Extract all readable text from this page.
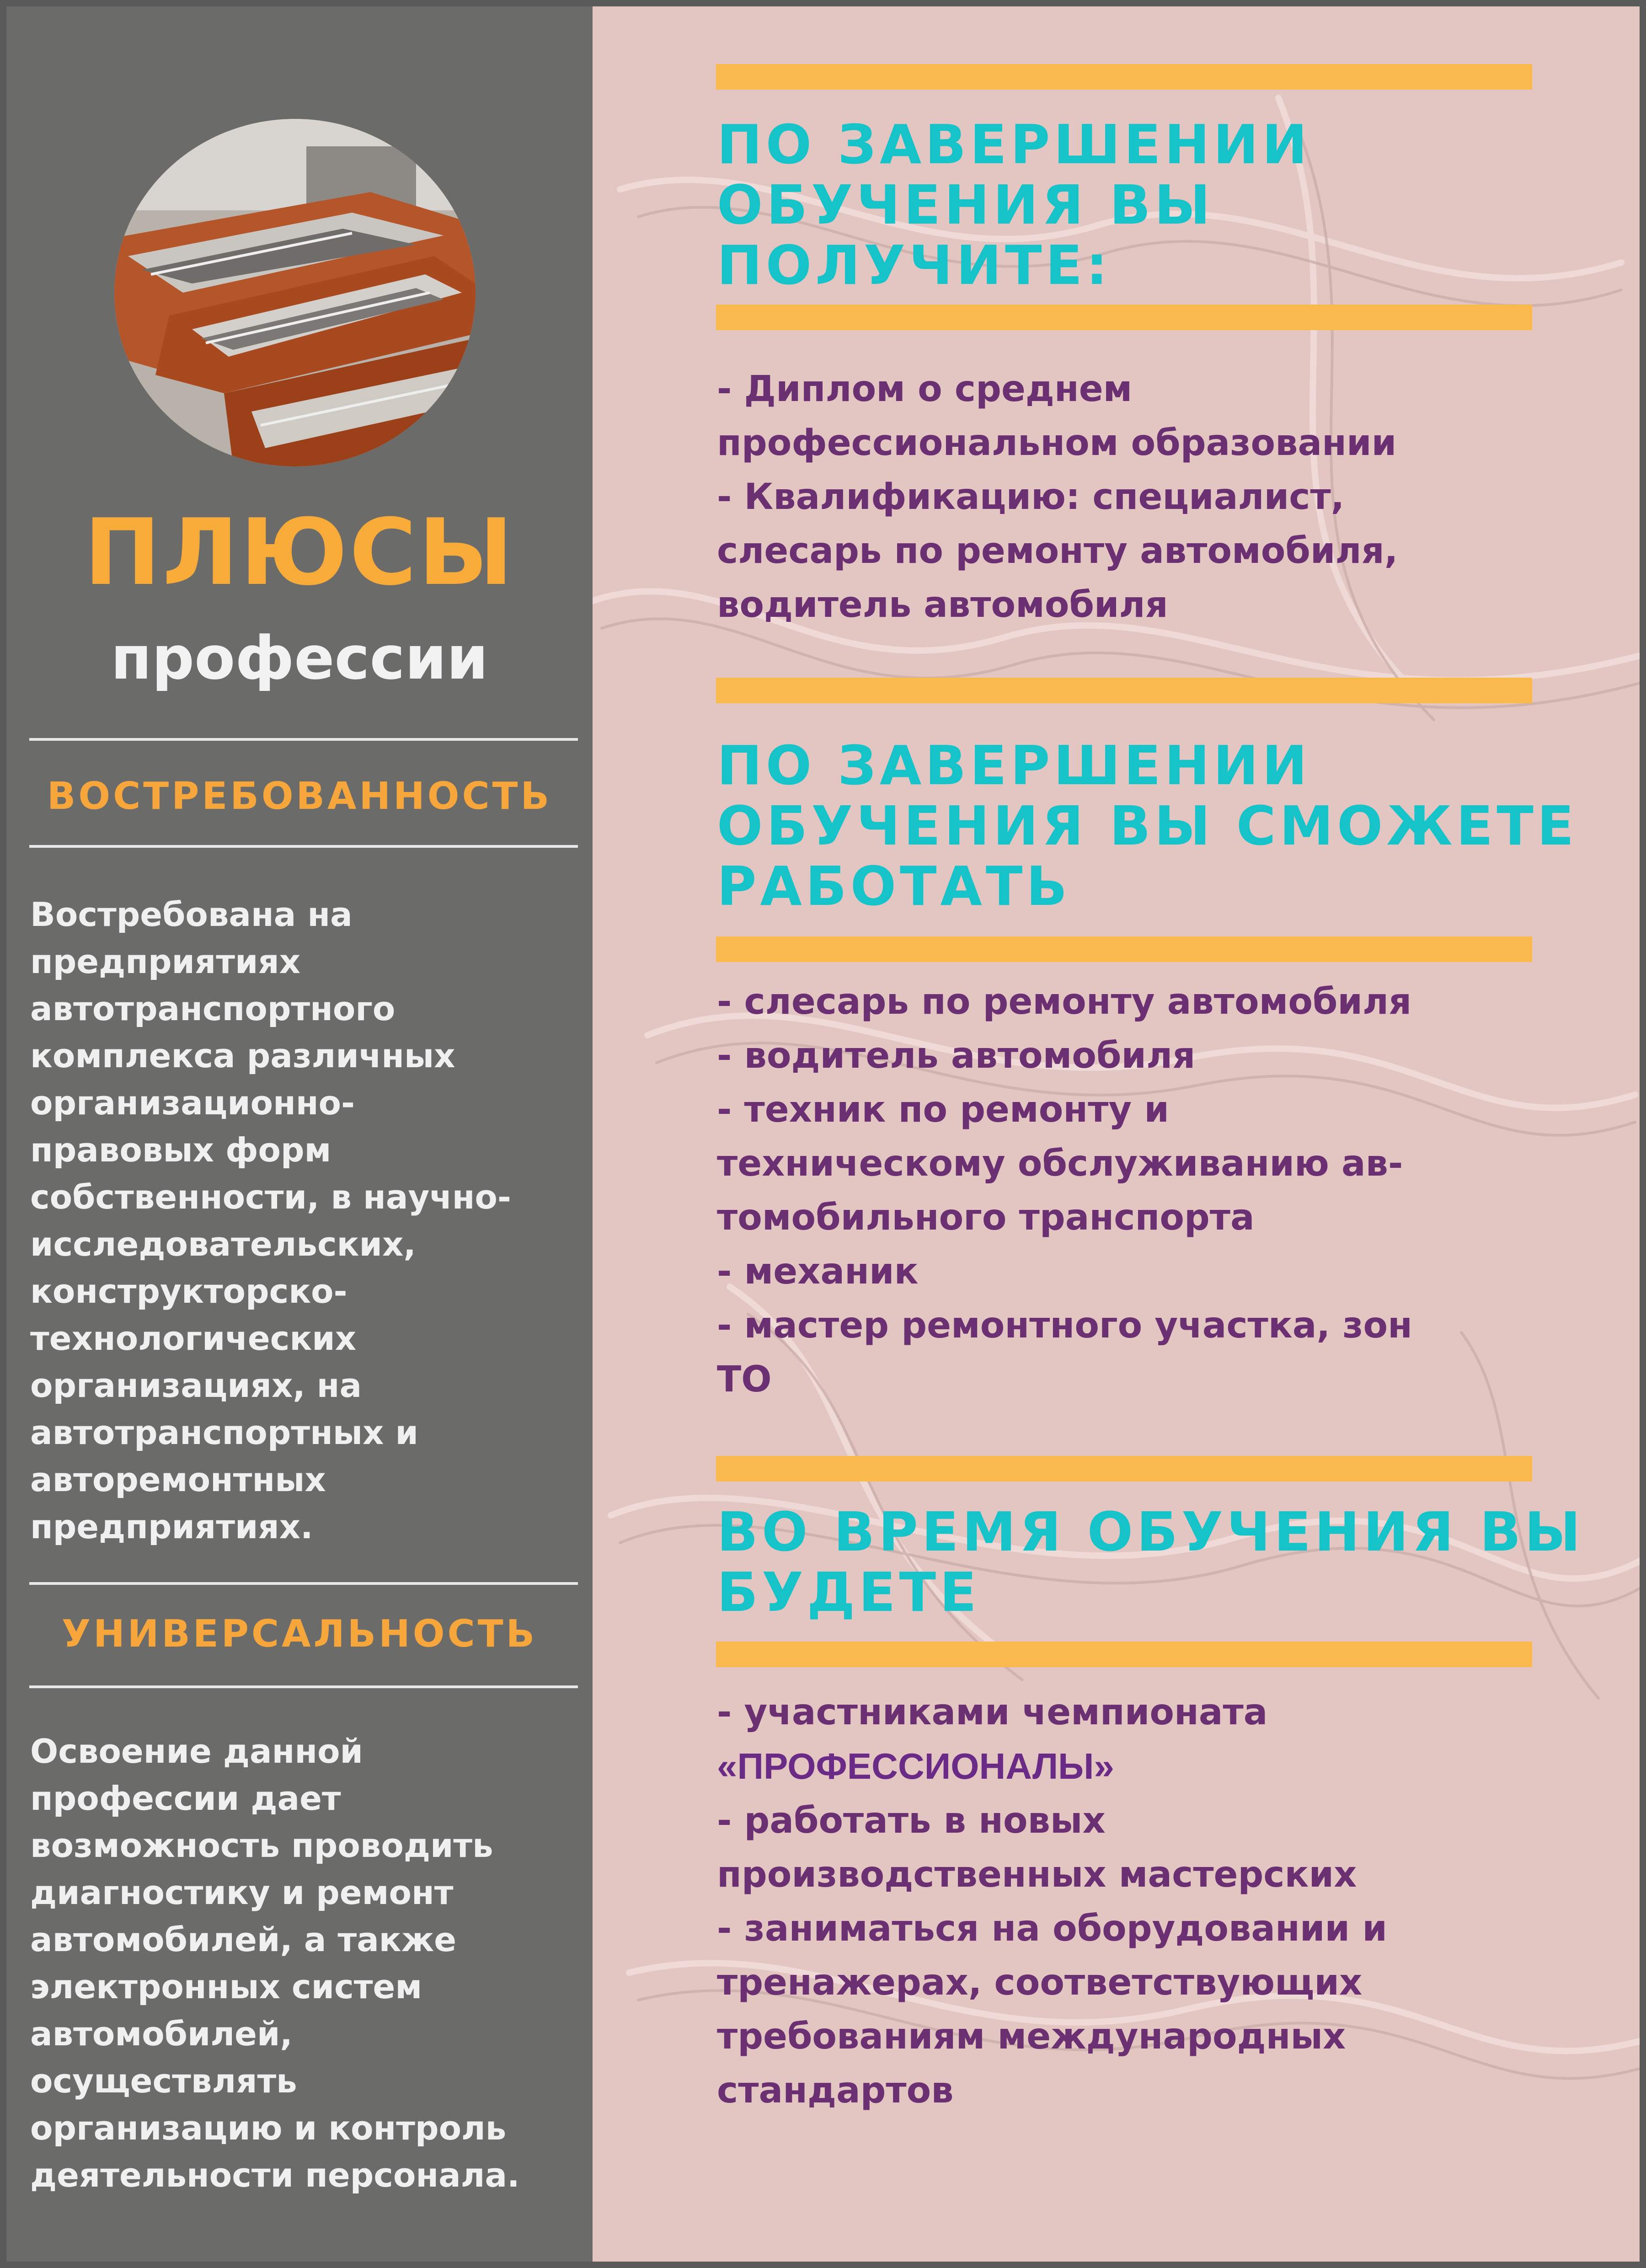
ПЛЮСЫ
профессии
ВОСТРЕБОВАННОСТЬ
Востребована на
предприятиях
автотранспортного
комплекса различных
организационно-
правовых форм
собственности, в научно-
исследовательских,
конструкторско-
технологических
организациях, на
автотранспортных и
авторемонтных
предприятиях.
УНИВЕРСАЛЬНОСТЬ
Освоение данной
профессии дает
возможность проводить
диагностику и ремонт
автомобилей, а также
электронных систем
автомобилей,
осуществлять
организацию и контроль
деятельности персонала.
ПО ЗАВЕРШЕНИИ
ОБУЧЕНИЯ ВЫ
ПОЛУЧИТЕ:
- Диплом о среднем
профессиональном образовании
- Квалификацию: специалист,
слесарь по ремонту автомобиля,
водитель автомобиля
ПО ЗАВЕРШЕНИИ
ОБУЧЕНИЯ ВЫ СМОЖЕТЕ
РАБОТАТЬ
- слесарь по ремонту автомобиля
- водитель автомобиля
- техник по ремонту и
техническому обслуживанию ав-
томобильного транспорта
- механик
- мастер ремонтного участка, зон
ТО
ВО ВРЕМЯ ОБУЧЕНИЯ ВЫ
БУДЕТЕ
- участниками чемпионата
«ПРОФЕССИОНАЛЫ»
- работать в новых
производственных мастерских
- заниматься на оборудовании и
тренажерах, соответствующих
требованиям международных
стандартов
